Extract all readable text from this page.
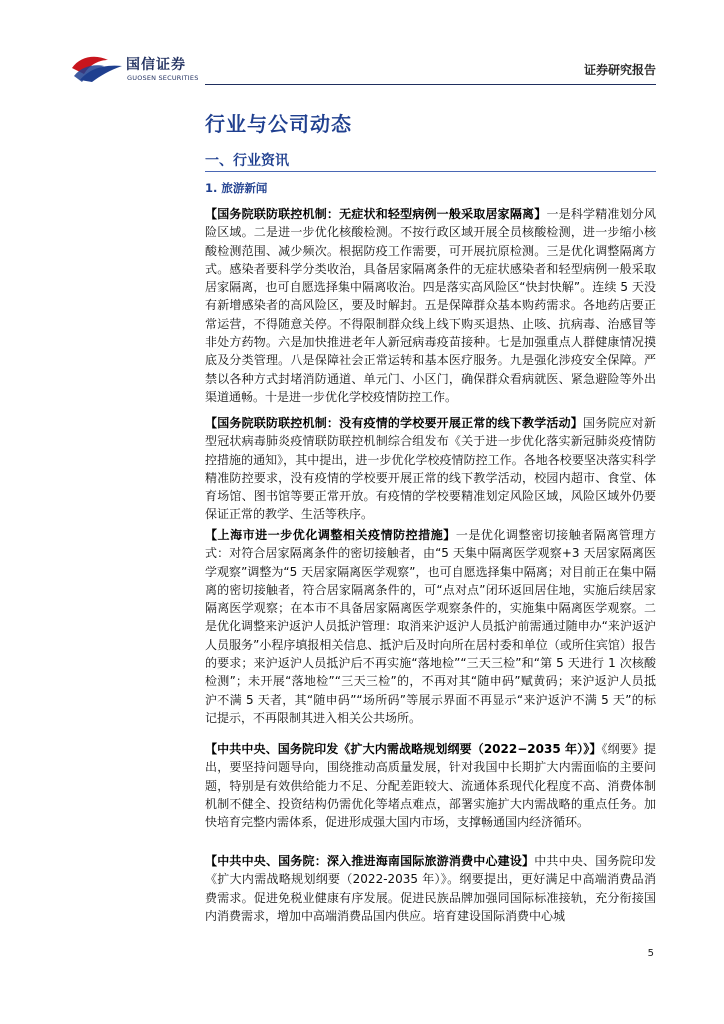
国信证券
GUOSEN SECURITIES
证券研究报告
行业与公司动态
一、行业资讯
1. 旅游新闻
【国务院联防联控机制：无症状和轻型病例一般采取居家隔离】一是科学精准划分风险区域。二是进一步优化核酸检测。不按行政区域开展全员核酸检测，进一步缩小核酸检测范围、减少频次。根据防疫工作需要，可开展抗原检测。三是优化调整隔离方式。感染者要科学分类收治，具备居家隔离条件的无症状感染者和轻型病例一般采取居家隔离，也可自愿选择集中隔离收治。四是落实高风险区“快封快解”。连续 5 天没有新增感染者的高风险区，要及时解封。五是保障群众基本购药需求。各地药店要正常运营，不得随意关停。不得限制群众线上线下购买退热、止咳、抗病毒、治感冒等非处方药物。六是加快推进老年人新冠病毒疫苗接种。七是加强重点人群健康情况摸底及分类管理。八是保障社会正常运转和基本医疗服务。九是强化涉疫安全保障。严禁以各种方式封堵消防通道、单元门、小区门，确保群众看病就医、紧急避险等外出渠道通畅。十是进一步优化学校疫情防控工作。
【国务院联防联控机制：没有疫情的学校要开展正常的线下教学活动】国务院应对新型冠状病毒肺炎疫情联防联控机制综合组发布《关于进一步优化落实新冠肺炎疫情防控措施的通知》，其中提出，进一步优化学校疫情防控工作。各地各校要坚决落实科学精准防控要求，没有疫情的学校要开展正常的线下教学活动，校园内超市、食堂、体育场馆、图书馆等要正常开放。有疫情的学校要精准划定风险区域，风险区域外仍要保证正常的教学、生活等秩序。
【上海市进一步优化调整相关疫情防控措施】一是优化调整密切接触者隔离管理方式：对符合居家隔离条件的密切接触者，由“5 天集中隔离医学观察+3 天居家隔离医学观察”调整为“5 天居家隔离医学观察”，也可自愿选择集中隔离；对目前正在集中隔离的密切接触者，符合居家隔离条件的，可“点对点”闭环返回居住地，实施后续居家隔离医学观察；在本市不具备居家隔离医学观察条件的，实施集中隔离医学观察。二是优化调整来沪返沪人员抵沪管理：取消来沪返沪人员抵沪前需通过随申办“来沪返沪人员服务”小程序填报相关信息、抵沪后及时向所在居村委和单位（或所住宾馆）报告的要求；来沪返沪人员抵沪后不再实施“落地检”“三天三检”和“第 5 天进行 1 次核酸检测”；未开展“落地检”“三天三检”的，不再对其“随申码”赋黄码；来沪返沪人员抵沪不满 5 天者，其“随申码”“场所码”等展示界面不再显示“来沪返沪不满 5 天”的标记提示，不再限制其进入相关公共场所。
【中共中央、国务院印发《扩大内需战略规划纲要（2022−2035 年）》】《纲要》提出，要坚持问题导向，围绕推动高质量发展，针对我国中长期扩大内需面临的主要问题，特别是有效供给能力不足、分配差距较大、流通体系现代化程度不高、消费体制机制不健全、投资结构仍需优化等堵点难点，部署实施扩大内需战略的重点任务。加快培育完整内需体系，促进形成强大国内市场，支撑畅通国内经济循环。
【中共中央、国务院：深入推进海南国际旅游消费中心建设】中共中央、国务院印发《扩大内需战略规划纲要（2022-2035 年）》。纲要提出，更好满足中高端消费品消费需求。促进免税业健康有序发展。促进民族品牌加强同国际标准接轨，充分衔接国内消费需求，增加中高端消费品国内供应。培育建设国际消费中心城
5
